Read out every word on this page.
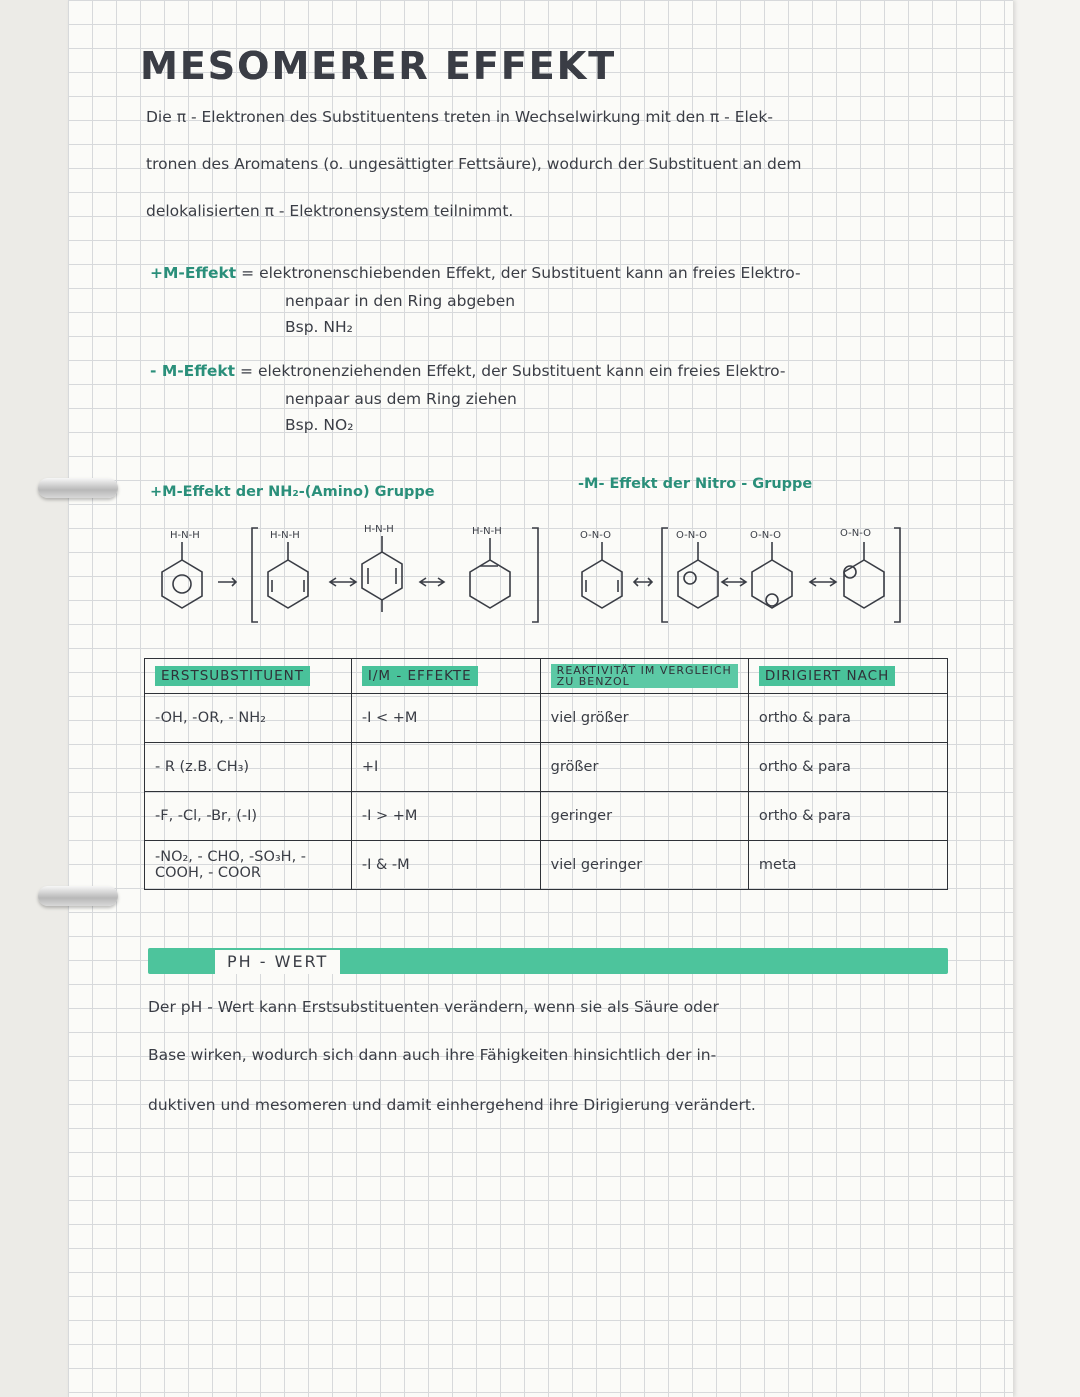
MESOMERER EFFEKT
Die π - Elektronen des Substituentens treten in Wechselwirkung mit den π - Elek-
tronen des Aromatens (o. ungesättigter Fettsäure), wodurch der Substituent an dem
delokalisierten π - Elektronensystem teilnimmt.
+M-Effekt = elektronenschiebenden Effekt, der Substituent kann an freies Elektro-
nenpaar in den Ring abgeben
Bsp. NH₂
- M-Effekt = elektronenziehenden Effekt, der Substituent kann ein freies Elektro-
nenpaar aus dem Ring ziehen
Bsp. NO₂
+M-Effekt der NH₂-(Amino) Gruppe	-M- Effekt der Nitro - Gruppe
H-N-H	H-N-H
H-N-H	H-N-H	O-N-O	O-N-O	O-N-O	O-N-O
ERSTSUBSTITUENT	I/M - EFFEKTE	REAKTIVITÄT IM VERGLEICH ZU BENZOL	DIRIGIERT NACH
-OH, -OR, - NH₂	-I < +M	viel größer	ortho & para
- R (z.B. CH₃)	+I	größer	ortho & para
-F, -Cl, -Br, (-I)	-I > +M	geringer	ortho & para
-NO₂, - CHO, -SO₃H, - COOH, - COOR	-I & -M	viel geringer	meta
PH - WERT
Der pH - Wert kann Erstsubstituenten verändern, wenn sie als Säure oder
Base wirken, wodurch sich dann auch ihre Fähigkeiten hinsichtlich der in-
duktiven und mesomeren und damit einhergehend ihre Dirigierung verändert.
